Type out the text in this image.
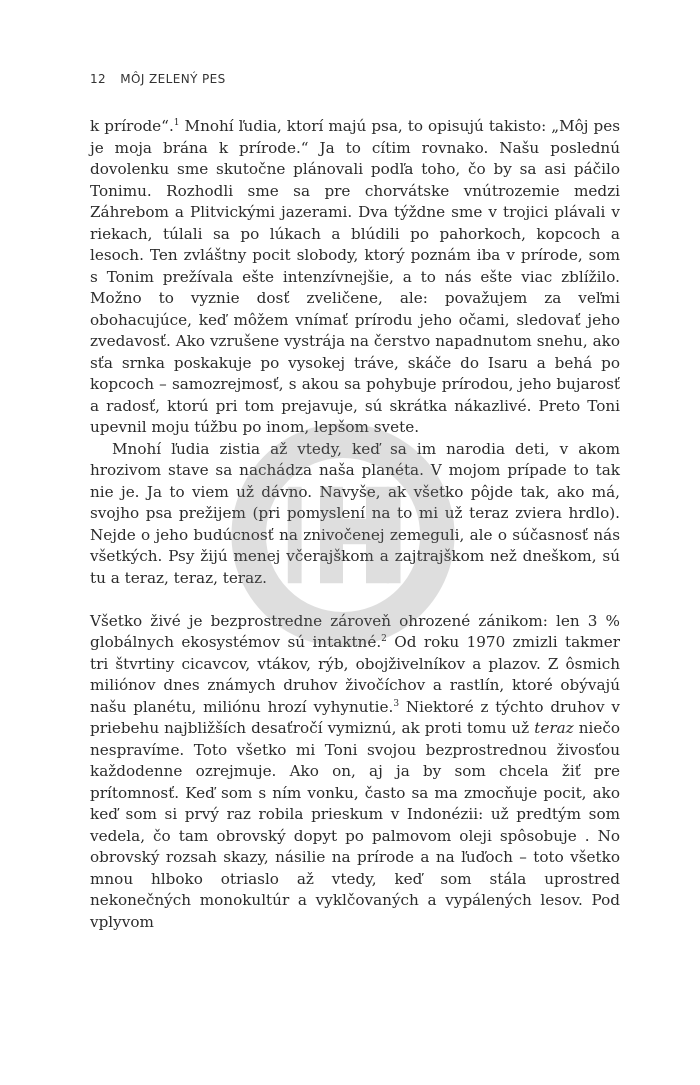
12 MÔJ ZELENÝ PES

k prírode“.$^1$ Mnohí ľudia, ktorí majú psa, to opisujú takisto: „Môj pes je moja brána k prírode.“ Ja to cítim rovnako. Našu poslednú dovolenku sme skutočne plánovali podľa toho, čo by sa asi páčilo Tonimu. Rozhodli sme sa pre chorvátske vnútrozemie medzi Záhrebom a Plitvickými jazerami. Dva týždne sme v trojici plávali v riekach, túlali sa po lúkach a blúdili po pahorkoch, kopcoch a lesoch. Ten zvláštny pocit slobody, ktorý poznám iba v prírode, som s Tonim prežívala ešte intenzívnejšie, a to nás ešte viac zblížilo. Možno to vyznie dosť zveličene, ale: považujem za veľmi obohacujúce, keď môžem vnímať prírodu jeho očami, sledovať jeho zvedavosť. Ako vzrušene vystrája na čerstvo napadnutom snehu, ako sťa srnka poskakuje po vysokej tráve, skáče do Isaru a behá po kopcoch – samozrejmosť, s akou sa pohybuje prírodou, jeho bujarosť a radosť, ktorú pri tom prejavuje, sú skrátka nákazlivé. Preto Toni upevnil moju túžbu po inom, lepšom svete.

Mnohí ľudia zistia až vtedy, keď sa im narodia deti, v akom hrozivom stave sa nachádza naša planéta. V mojom prípade to tak nie je. Ja to viem už dávno. Navyše, ak všetko pôjde tak, ako má, svojho psa prežijem (pri pomyslení na to mi už teraz zviera hrdlo). Nejde o jeho budúcnosť na znivočenej zemeguli, ale o súčasnosť nás všetkých. Psy žijú menej včerajškom a zajtrajškom než dneškom, sú tu a teraz, teraz, teraz.

Všetko živé je bezprostredne zároveň ohrozené zánikom: len 3 % globálnych ekosystémov sú intaktné.$^2$ Od roku 1970 zmizli takmer tri štvrtiny cicavcov, vtákov, rýb, obojživelníkov a plazov. Z ôsmich miliónov dnes známych druhov živočíchov a rastlín, ktoré obývajú našu planétu, miliónu hrozí vyhynutie.$^3$ Niektoré z týchto druhov v priebehu najbližších desaťročí vymiznú, ak proti tomu už teraz niečo nespravíme. Toto všetko mi Toni svojou bezprostrednou živosťou každodenne ozrejmuje. Ako on, aj ja by som chcela žiť pre prítomnosť. Keď som s ním vonku, často sa ma zmocňuje pocit, ako keď som si prvý raz robila prieskum v Indonézii: už predtým som vedela, čo tam obrovský dopyt po palmovom oleji spôsobuje . No obrovský rozsah skazy, násilie na prírode a na ľuďoch – toto všetko mnou hlboko otriaslo až vtedy, keď som stála uprostred nekonečných monokultúr a vyklčovaných a vypálených lesov. Pod vplyvom
